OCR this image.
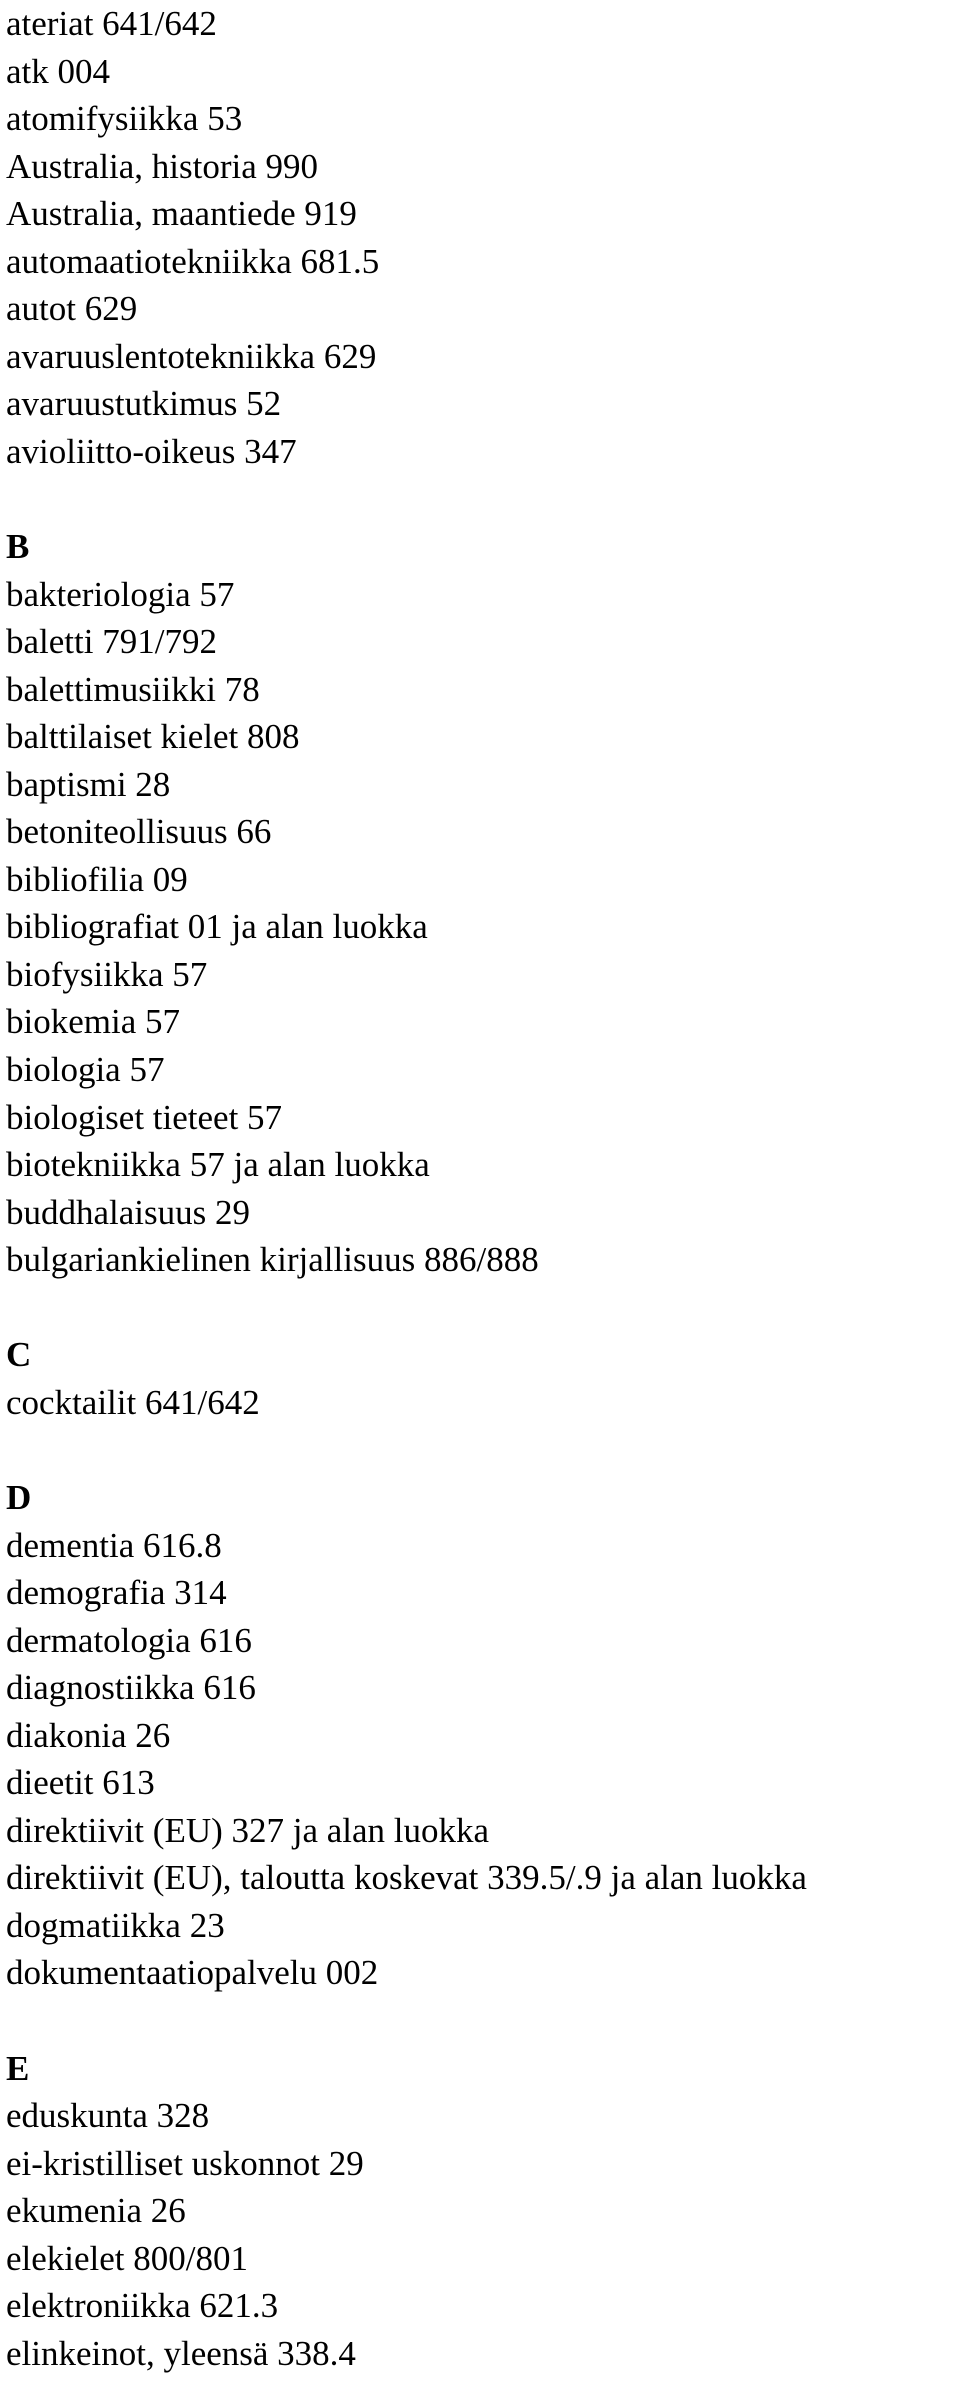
ateriat 641/642
atk 004
atomifysiikka 53
Australia, historia 990
Australia, maantiede 919
automaatiotekniikka 681.5
autot 629
avaruuslentotekniikka 629
avaruustutkimus 52
avioliitto-oikeus 347
B
bakteriologia 57
baletti 791/792
balettimusiikki 78
balttilaiset kielet 808
baptismi 28
betoniteollisuus 66
bibliofilia 09
bibliografiat 01 ja alan luokka
biofysiikka 57
biokemia 57
biologia 57
biologiset tieteet 57
biotekniikka 57 ja alan luokka
buddhalaisuus 29
bulgariankielinen kirjallisuus 886/888
C
cocktailit 641/642
D
dementia 616.8
demografia 314
dermatologia 616
diagnostiikka 616
diakonia 26
dieetit 613
direktiivit (EU) 327 ja alan luokka
direktiivit (EU), taloutta koskevat 339.5/.9 ja alan luokka
dogmatiikka 23
dokumentaatiopalvelu 002
E
eduskunta 328
ei-kristilliset uskonnot 29
ekumenia 26
elekielet 800/801
elektroniikka 621.3
elinkeinot, yleensä 338.4
